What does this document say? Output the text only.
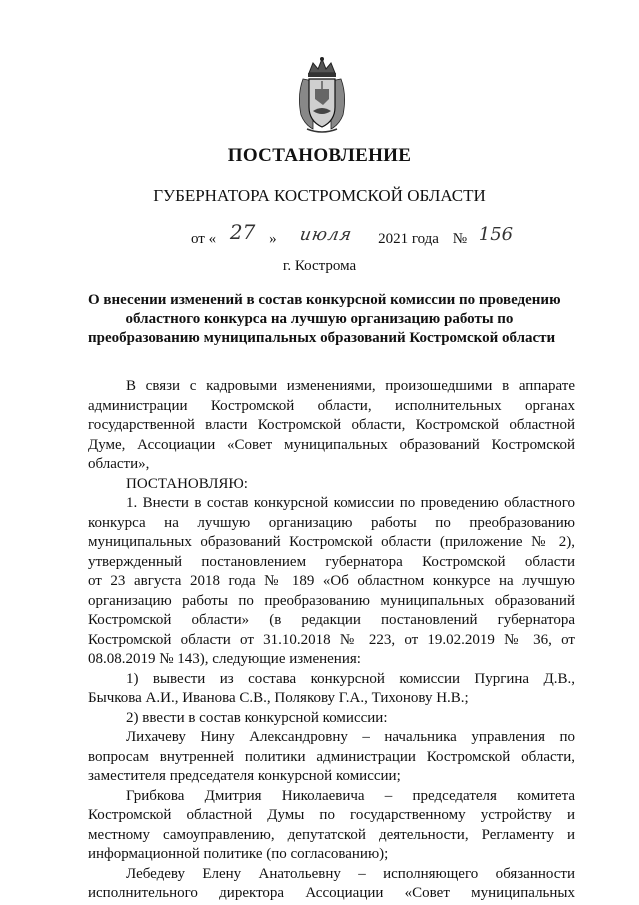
ПОСТАНОВЛЕНИЕ
ГУБЕРНАТОРА КОСТРОМСКОЙ ОБЛАСТИ
от « 27 » июля 2021 года № 156
г. Кострома
О внесении изменений в состав конкурсной комиссии по проведению
областного конкурса на лучшую организацию работы по
преобразованию муниципальных образований Костромской области
В связи с кадровыми изменениями, произошедшими в аппарате
администрации Костромской области, исполнительных органах
государственной власти Костромской области, Костромской областной
Думе, Ассоциации «Совет муниципальных образований Костромской
области»,
ПОСТАНОВЛЯЮ:
1. Внести в состав конкурсной комиссии по проведению областного
конкурса на лучшую организацию работы по преобразованию
муниципальных образований Костромской области (приложение № 2),
утвержденный постановлением губернатора Костромской области
от 23 августа 2018 года № 189 «Об областном конкурсе на лучшую
организацию работы по преобразованию муниципальных образований
Костромской области» (в редакции постановлений губернатора
Костромской области от 31.10.2018 № 223, от 19.02.2019 № 36, от
08.08.2019 № 143), следующие изменения:
1) вывести из состава конкурсной комиссии Пургина Д.В.,
Бычкова А.И., Иванова С.В., Полякову Г.А., Тихонову Н.В.;
2) ввести в состав конкурсной комиссии:
Лихачеву Нину Александровну – начальника управления по
вопросам внутренней политики администрации Костромской области,
заместителя председателя конкурсной комиссии;
Грибкова Дмитрия Николаевича – председателя комитета
Костромской областной Думы по государственному устройству и
местному самоуправлению, депутатской деятельности, Регламенту и
информационной политике (по согласованию);
Лебедеву Елену Анатольевну – исполняющего обязанности
исполнительного директора Ассоциации «Совет муниципальных
